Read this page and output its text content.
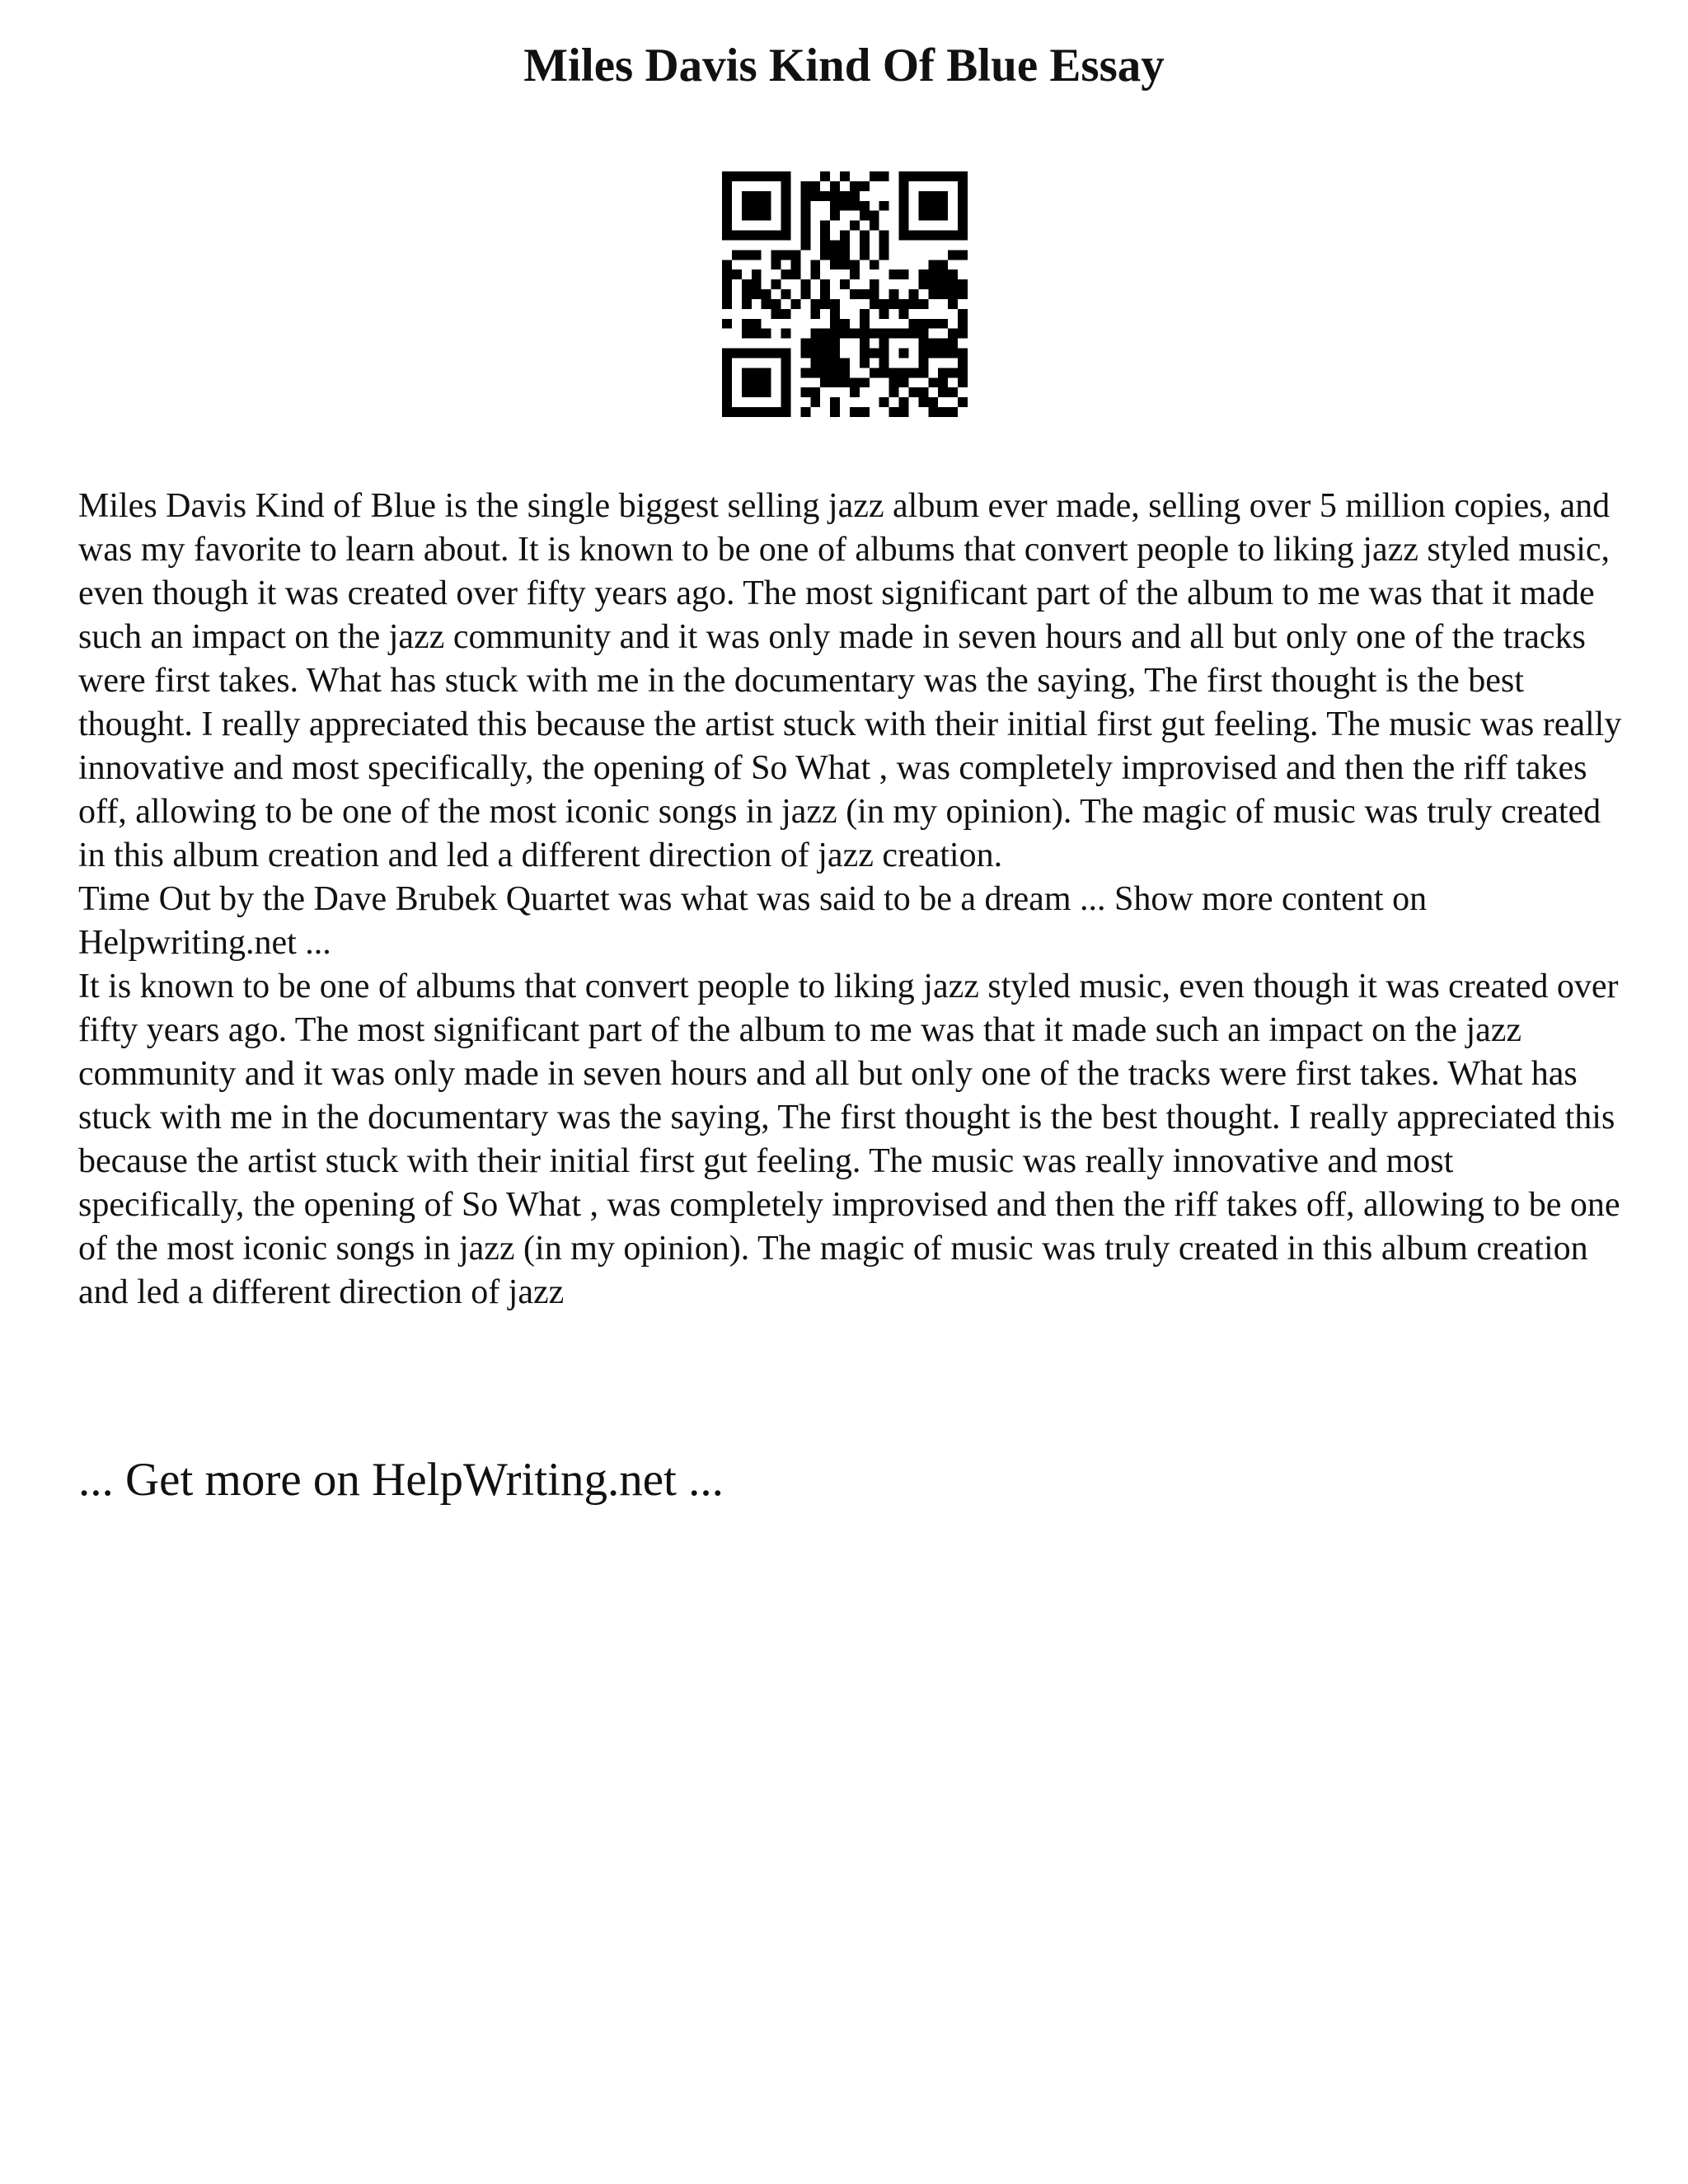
Miles Davis Kind Of Blue Essay

Miles Davis Kind of Blue is the single biggest selling jazz album ever made, selling over 5 million copies, and was my favorite to learn about. It is known to be one of albums that convert people to liking jazz styled music, even though it was created over fifty years ago. The most significant part of the album to me was that it made such an impact on the jazz community and it was only made in seven hours and all but only one of the tracks were first takes. What has stuck with me in the documentary was the saying, The first thought is the best thought. I really appreciated this because the artist stuck with their initial first gut feeling. The music was really innovative and most specifically, the opening of So What , was completely improvised and then the riff takes off, allowing to be one of the most iconic songs in jazz (in my opinion). The magic of music was truly created in this album creation and led a different direction of jazz creation.

Time Out by the Dave Brubek Quartet was what was said to be a dream ... Show more content on Helpwriting.net ...

It is known to be one of albums that convert people to liking jazz styled music, even though it was created over fifty years ago. The most significant part of the album to me was that it made such an impact on the jazz community and it was only made in seven hours and all but only one of the tracks were first takes. What has stuck with me in the documentary was the saying, The first thought is the best thought. I really appreciated this because the artist stuck with their initial first gut feeling. The music was really innovative and most specifically, the opening of So What , was completely improvised and then the riff takes off, allowing to be one of the most iconic songs in jazz (in my opinion). The magic of music was truly created in this album creation and led a different direction of jazz

... Get more on HelpWriting.net ...
